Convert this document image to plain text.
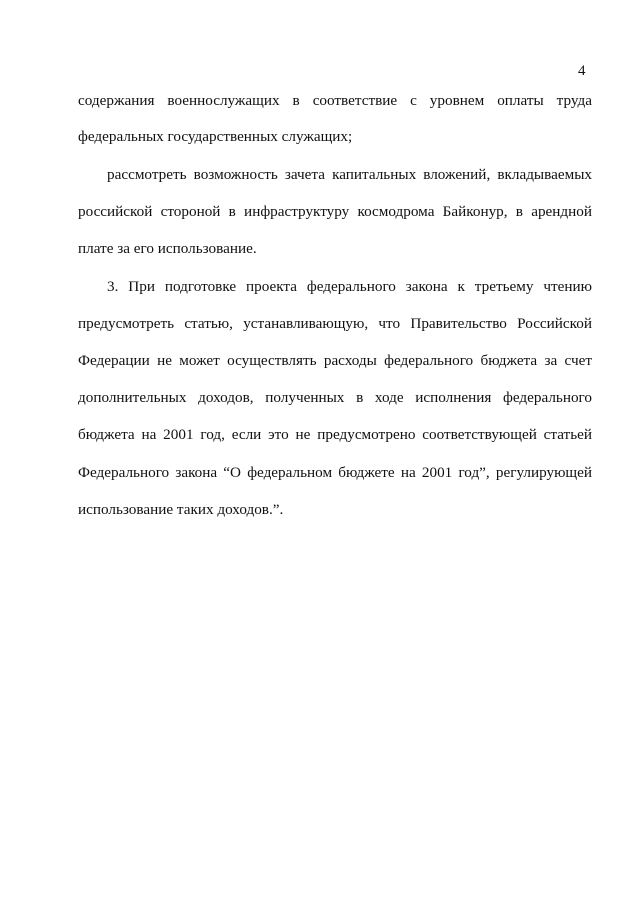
4
содержания военнослужащих в соответствие с уровнем оплаты труда
федеральных государственных служащих;
рассмотреть возможность зачета капитальных вложений, вкладываемых
российской стороной в инфраструктуру космодрома Байконур, в арендной
плате за его использование.
3. При подготовке проекта федерального закона к третьему чтению
предусмотреть статью, устанавливающую, что Правительство Российской
Федерации не может осуществлять расходы федерального бюджета за счет
дополнительных доходов, полученных в ходе исполнения федерального
бюджета на 2001 год, если это не предусмотрено соответствующей статьей
Федерального закона “О федеральном бюджете на 2001 год”, регулирующей
использование таких доходов.”.
